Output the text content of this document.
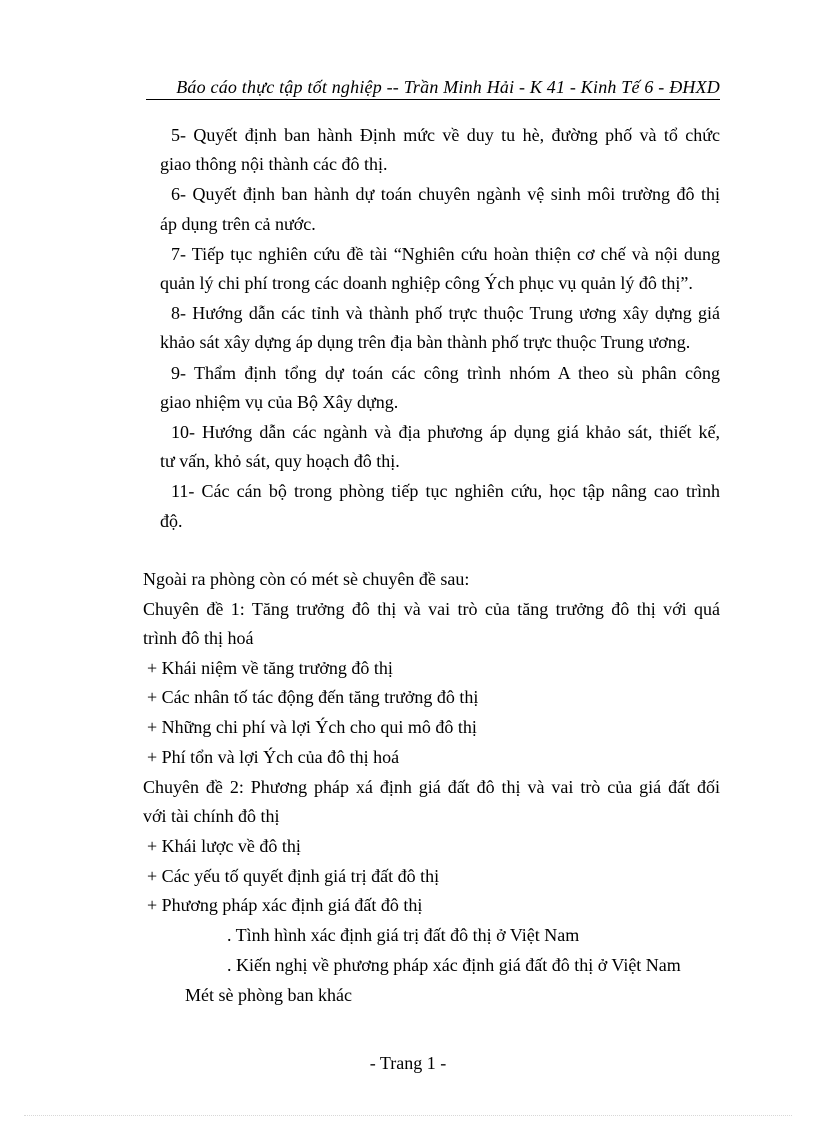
Báo cáo thực tập tốt nghiệp -- Trần Minh Hải - K 41 - Kinh Tế 6 - ĐHXD
5- Quyết định ban hành Định mức về duy tu hè, đường phố và tổ chức
giao thông nội thành các đô thị.
6- Quyết định ban hành dự toán chuyên ngành vệ sinh môi trường đô thị
áp dụng trên cả nước.
7- Tiếp tục nghiên cứu đề tài “Nghiên cứu hoàn thiện cơ chế và nội dung
quản lý chi phí trong các doanh nghiệp công Ých phục vụ quản lý đô thị”.
8- Hướng dẫn các tỉnh và thành phố trực thuộc Trung ương xây dựng giá
khảo sát xây dựng áp dụng trên địa bàn thành phố trực thuộc Trung ương.
9- Thẩm định tổng dự toán các công trình nhóm A theo sù phân công
giao nhiệm vụ của Bộ Xây dựng.
10- Hướng dẫn các ngành và địa phương áp dụng giá khảo sát, thiết kế,
tư vấn, khỏ sát, quy hoạch đô thị.
11- Các cán bộ trong phòng tiếp tục nghiên cứu, học tập nâng cao trình
độ.
Ngoài ra phòng còn có mét sè chuyên đề sau:
Chuyên đề 1: Tăng trưởng đô thị và vai trò của tăng trưởng đô thị với quá
trình đô thị hoá
+ Khái niệm về tăng trưởng đô thị
+ Các nhân tố tác động đến tăng trưởng đô thị
+ Những chi phí và lợi Ých cho qui mô đô thị
+ Phí tổn và lợi Ých của đô thị hoá
Chuyên đề 2: Phương pháp xá định giá đất đô thị và vai trò của giá đất đối
với tài chính đô thị
+ Khái lược về đô thị
+ Các yếu tố quyết định giá trị đất đô thị
+ Phương pháp xác định giá đất đô thị
. Tình hình xác định giá trị đất đô thị ở Việt Nam
. Kiến nghị về phương pháp xác định giá đất đô thị ở Việt Nam
Mét sè phòng ban khác
- Trang 1 -
